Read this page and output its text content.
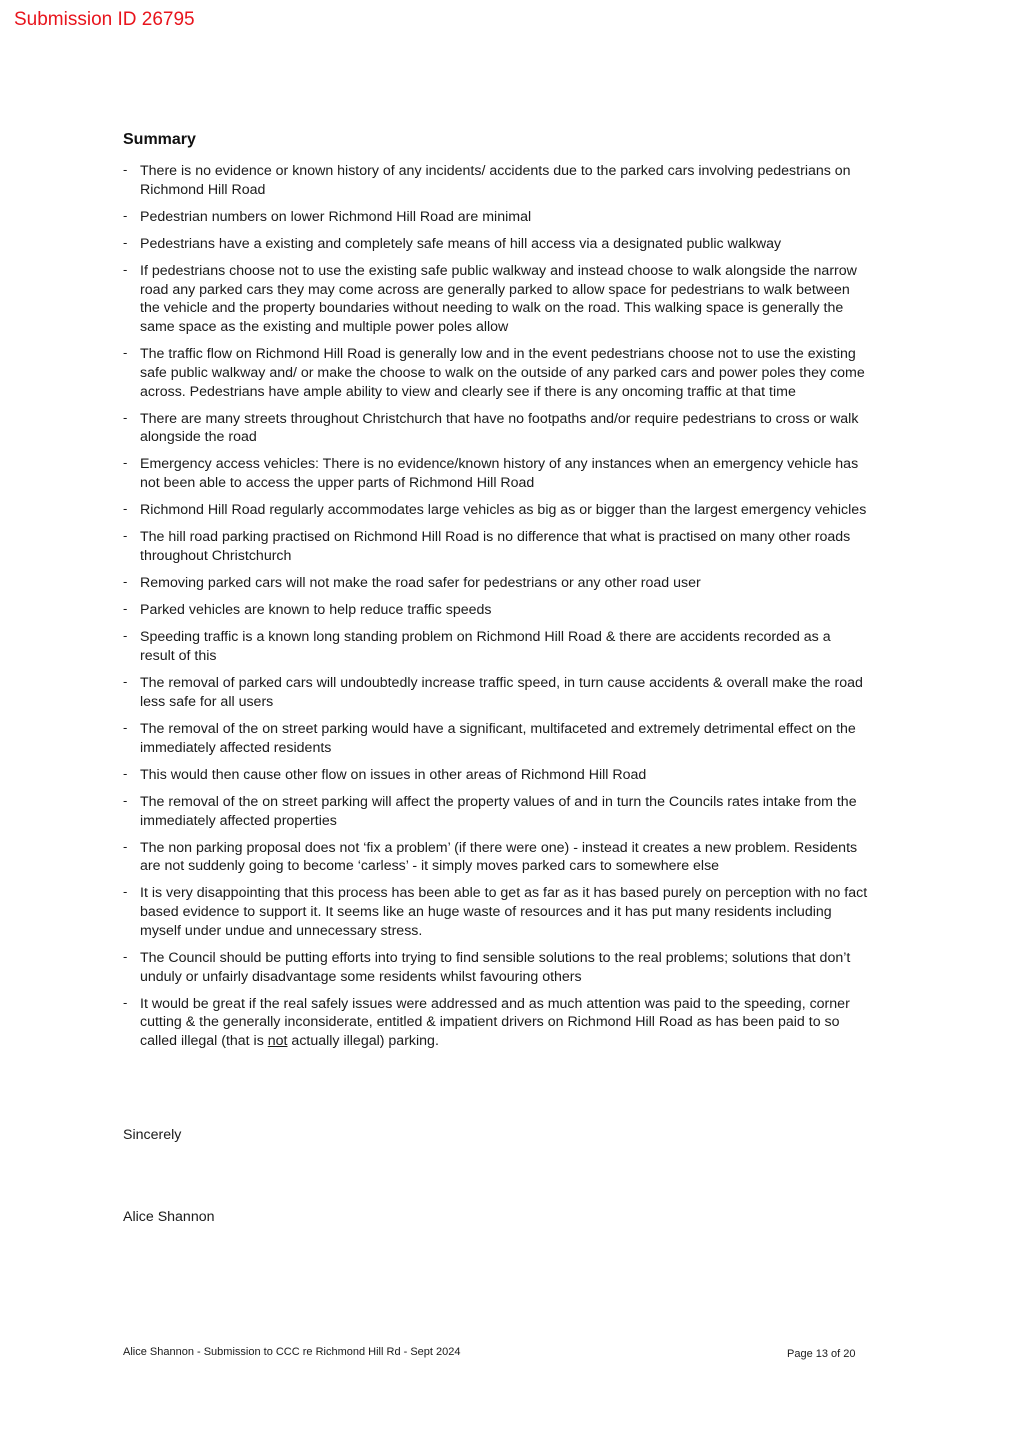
Submission ID 26795
Summary
- There is no evidence or known history of any incidents/ accidents due to the parked cars involving pedestrians on Richmond Hill Road
- Pedestrian numbers on lower Richmond Hill Road are minimal
- Pedestrians have a existing and completely safe means of hill access via a designated public walkway
- If pedestrians choose not to use the existing safe public walkway and instead choose to walk alongside the narrow road any parked cars they may come across are generally parked to allow space for pedestrians to walk between the vehicle and the property boundaries without needing to walk on the road. This walking space is generally the same space as the existing and multiple power poles allow
- The traffic flow on Richmond Hill Road is generally low and in the event pedestrians choose not to use the existing safe public walkway and/ or make the choose to walk on the outside of any parked cars and power poles they come across. Pedestrians have ample ability to view and clearly see if there is any oncoming traffic at that time
- There are many streets throughout Christchurch that have no footpaths and/or require pedestrians to cross or walk alongside the road
- Emergency access vehicles: There is no evidence/known history of any instances when an emergency vehicle has not been able to access the upper parts of Richmond Hill Road
- Richmond Hill Road regularly accommodates large vehicles as big as or bigger than the largest emergency vehicles
- The hill road parking practised on Richmond Hill Road is no difference that what is practised on many other roads throughout Christchurch
- Removing parked cars will not make the road safer for pedestrians or any other road user
- Parked vehicles are known to help reduce traffic speeds
- Speeding traffic is a known long standing problem on Richmond Hill Road & there are accidents recorded as a result of this
- The removal of parked cars will undoubtedly increase traffic speed, in turn cause accidents & overall make the road less safe for all users
- The removal of the on street parking would have a significant, multifaceted and extremely detrimental effect on the immediately affected residents
- This would then cause other flow on issues in other areas of Richmond Hill Road
- The removal of the on street parking will affect the property values of and in turn the Councils rates intake from the immediately affected properties
- The non parking proposal does not ‘fix a problem’ (if there were one) - instead it creates a new problem. Residents are not suddenly going to become ‘carless’ - it simply moves parked cars to somewhere else
- It is very disappointing that this process has been able to get as far as it has based purely on perception with no fact based evidence to support it. It seems like an huge waste of resources and it has put many residents including myself under undue and unnecessary stress.
- The Council should be putting efforts into trying to find sensible solutions to the real problems; solutions that don’t unduly or unfairly disadvantage some residents whilst favouring others
- It would be great if the real safely issues were addressed and as much attention was paid to the speeding, corner cutting & the generally inconsiderate, entitled & impatient drivers on Richmond Hill Road as has been paid to so called illegal (that is not actually illegal) parking.
Sincerely
Alice Shannon
Alice Shannon - Submission to CCC re Richmond Hill Rd - Sept 2024	Page 13 of 20
